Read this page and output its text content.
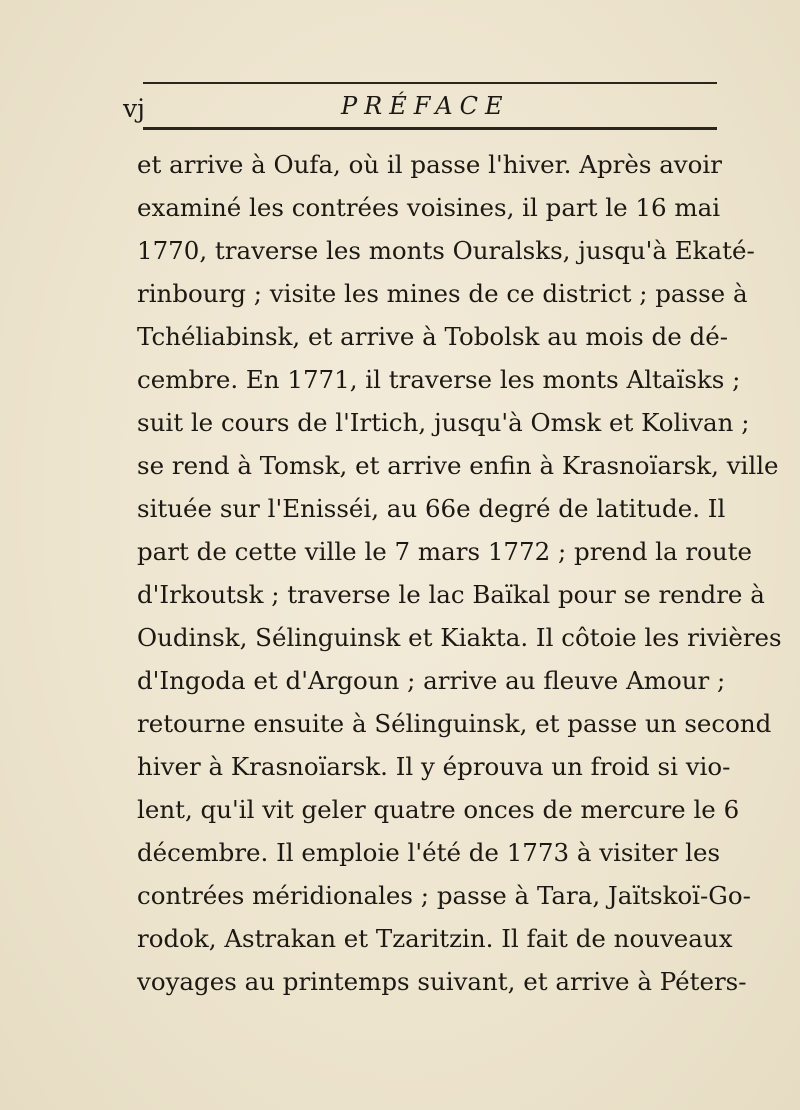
vj	PRÉFACE
et arrive à Oufa, où il passe l'hiver. Après avoir
examiné les contrées voisines, il part le 16 mai
1770, traverse les monts Ouralsks, jusqu'à Ekaté-
rinbourg ; visite les mines de ce district ; passe à
Tchéliabinsk, et arrive à Tobolsk au mois de dé-
cembre. En 1771, il traverse les monts Altaïsks ;
suit le cours de l'Irtich, jusqu'à Omsk et Kolivan ;
se rend à Tomsk, et arrive enfin à Krasnoïarsk, ville
située sur l'Enisséi, au 66e degré de latitude. Il
part de cette ville le 7 mars 1772 ; prend la route
d'Irkoutsk ; traverse le lac Baïkal pour se rendre à
Oudinsk, Sélinguinsk et Kiakta. Il côtoie les rivières
d'Ingoda et d'Argoun ; arrive au fleuve Amour ;
retourne ensuite à Sélinguinsk, et passe un second
hiver à Krasnoïarsk. Il y éprouva un froid si vio-
lent, qu'il vit geler quatre onces de mercure le 6
décembre. Il emploie l'été de 1773 à visiter les
contrées méridionales ; passe à Tara, Jaïtskoï-Go-
rodok, Astrakan et Tzaritzin. Il fait de nouveaux
voyages au printemps suivant, et arrive à Péters-
